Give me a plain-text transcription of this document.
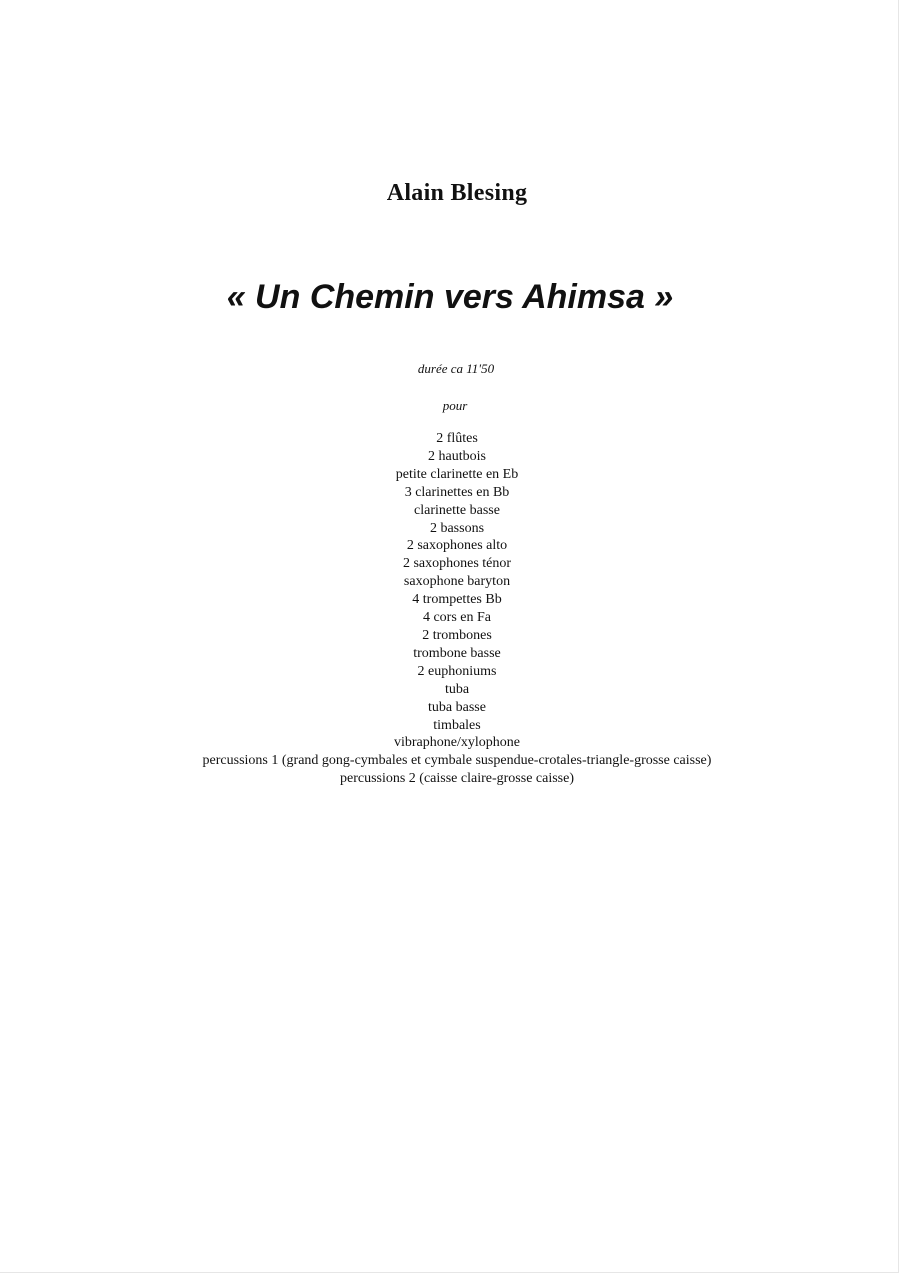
Alain Blesing
« Un Chemin vers Ahimsa »
durée ca 11'50
pour
2 flûtes
2 hautbois
petite clarinette en Eb
3 clarinettes en Bb
clarinette basse
2 bassons
2 saxophones alto
2 saxophones ténor
saxophone baryton
4 trompettes Bb
4 cors en Fa
2 trombones
trombone basse
2 euphoniums
tuba
tuba basse
timbales
vibraphone/xylophone
percussions 1 (grand gong-cymbales et cymbale suspendue-crotales-triangle-grosse caisse)
percussions 2 (caisse claire-grosse caisse)
